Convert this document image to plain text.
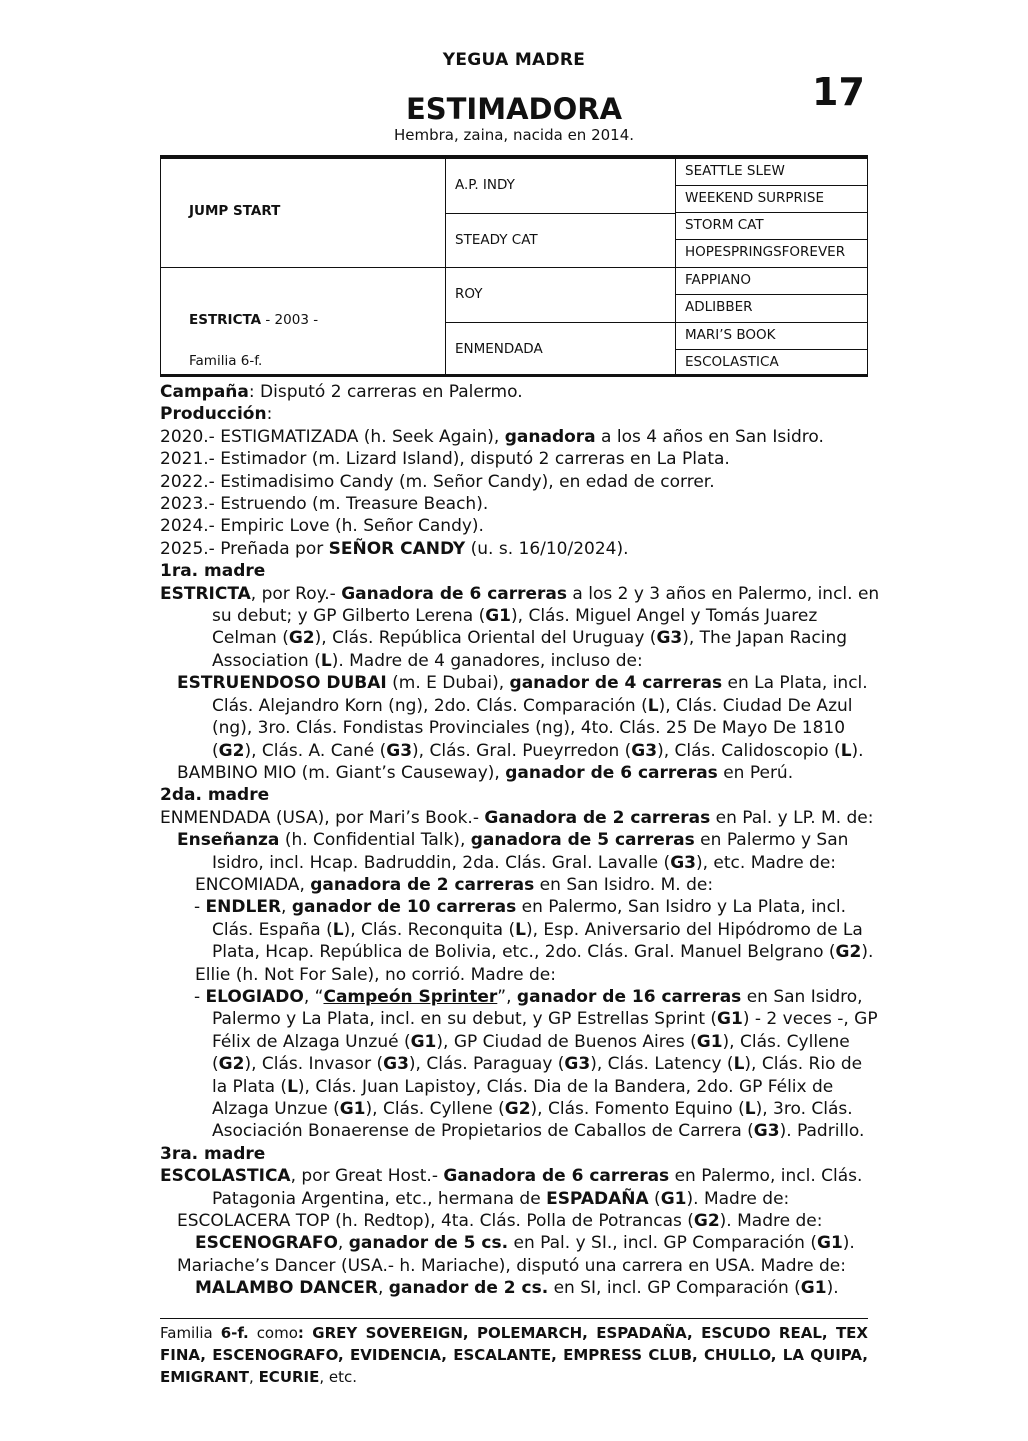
YEGUA MADRE
17
ESTIMADORA
Hembra, zaina, nacida en 2014.
JUMP START
ESTRICTA - 2003 -
Familia 6-f.
A.P. INDY
STEADY CAT
ROY
ENMENDADA
SEATTLE SLEW
WEEKEND SURPRISE
STORM CAT
HOPESPRINGSFOREVER
FAPPIANO
ADLIBBER
MARI’S BOOK
ESCOLASTICA

Campaña: Disputó 2 carreras en Palermo.

Producción:

2020.- ESTIGMATIZADA (h. Seek Again), ganadora a los 4 años en San Isidro.

2021.- Estimador (m. Lizard Island), disputó 2 carreras en La Plata.

2022.- Estimadisimo Candy (m. Señor Candy), en edad de correr.

2023.- Estruendo (m. Treasure Beach).

2024.- Empiric Love (h. Señor Candy).

2025.- Preñada por SEÑOR CANDY (u. s. 16/10/2024).

1ra. madre

ESTRICTA, por Roy.- Ganadora de 6 carreras a los 2 y 3 años en Palermo, incl. en su debut; y GP Gilberto Lerena (G1), Clás. Miguel Angel y Tomás Juarez Celman (G2), Clás. República Oriental del Uruguay (G3), The Japan Racing Association (L). Madre de 4 ganadores, incluso de:

ESTRUENDOSO DUBAI (m. E Dubai), ganador de 4 carreras en La Plata, incl. Clás. Alejandro Korn (ng), 2do. Clás. Comparación (L), Clás. Ciudad De Azul (ng), 3ro. Clás. Fondistas Provinciales (ng), 4to. Clás. 25 De Mayo De 1810 (G2), Clás. A. Cané (G3), Clás. Gral. Pueyrredon (G3), Clás. Calidoscopio (L).

BAMBINO MIO (m. Giant’s Causeway), ganador de 6 carreras en Perú.

2da. madre

ENMENDADA (USA), por Mari’s Book.- Ganadora de 2 carreras en Pal. y LP. M. de:

Enseñanza (h. Confidential Talk), ganadora de 5 carreras en Palermo y San Isidro, incl. Hcap. Badruddin, 2da. Clás. Gral. Lavalle (G3), etc. Madre de:

ENCOMIADA, ganadora de 2 carreras en San Isidro. M. de:

- ENDLER, ganador de 10 carreras en Palermo, San Isidro y La Plata, incl. Clás. España (L), Clás. Reconquita (L), Esp. Aniversario del Hipódromo de La Plata, Hcap. República de Bolivia, etc., 2do. Clás. Gral. Manuel Belgrano (G2).

Ellie (h. Not For Sale), no corrió. Madre de:

- ELOGIADO, “Campeón Sprinter”, ganador de 16 carreras en San Isidro, Palermo y La Plata, incl. en su debut, y GP Estrellas Sprint (G1) - 2 veces -, GP Félix de Alzaga Unzué (G1), GP Ciudad de Buenos Aires (G1), Clás. Cyllene (G2), Clás. Invasor (G3), Clás. Paraguay (G3), Clás. Latency (L), Clás. Rio de la Plata (L), Clás. Juan Lapistoy, Clás. Dia de la Bandera, 2do. GP Félix de Alzaga Unzue (G1), Clás. Cyllene (G2), Clás. Fomento Equino (L), 3ro. Clás. Asociación Bonaerense de Propietarios de Caballos de Carrera (G3). Padrillo.

3ra. madre

ESCOLASTICA, por Great Host.- Ganadora de 6 carreras en Palermo, incl. Clás. Patagonia Argentina, etc., hermana de ESPADAÑA (G1). Madre de:

ESCOLACERA TOP (h. Redtop), 4ta. Clás. Polla de Potrancas (G2). Madre de:

ESCENOGRAFO, ganador de 5 cs. en Pal. y SI., incl. GP Comparación (G1).

Mariache’s Dancer (USA.- h. Mariache), disputó una carrera en USA. Madre de:

MALAMBO DANCER, ganador de 2 cs. en SI, incl. GP Comparación (G1).

Familia 6-f. como: GREY SOVEREIGN, POLEMARCH, ESPADAÑA, ESCUDO REAL, TEX FINA, ESCENOGRAFO, EVIDENCIA, ESCALANTE, EMPRESS CLUB, CHULLO, LA QUIPA, EMIGRANT, ECURIE, etc.
